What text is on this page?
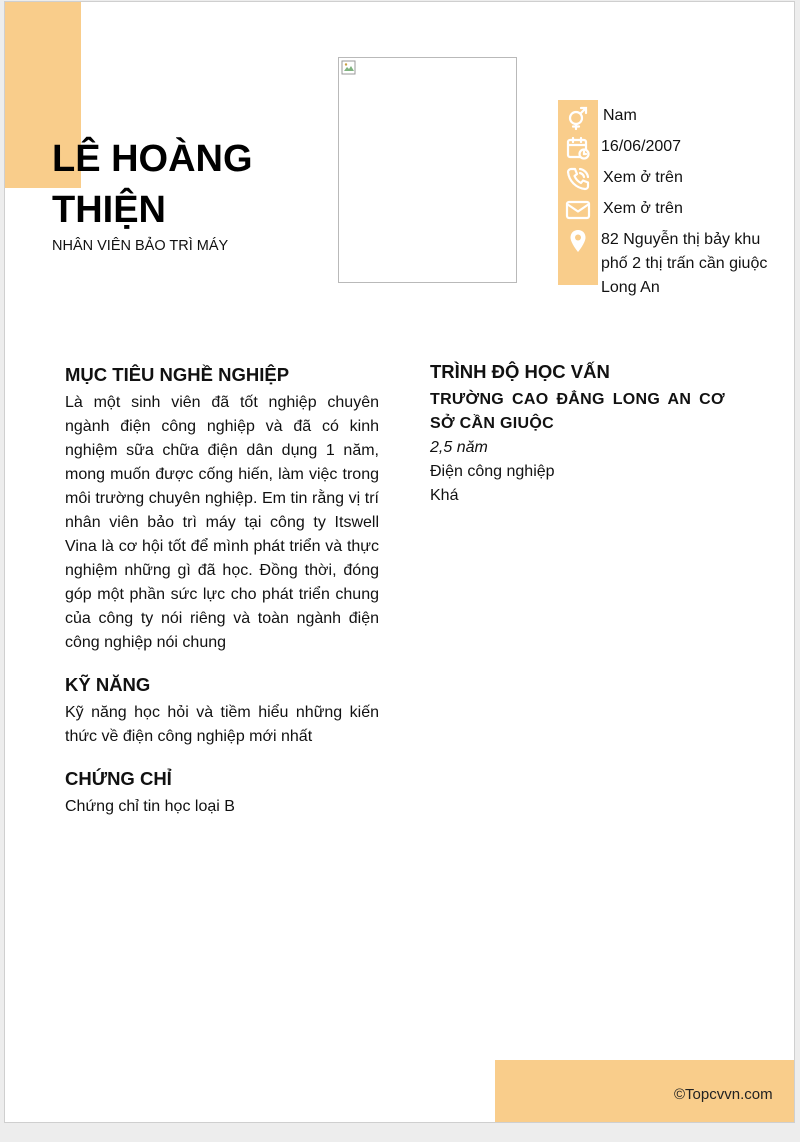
LÊ HOÀNG THIỆN
NHÂN VIÊN BẢO TRÌ MÁY
Nam
16/06/2007
Xem ở trên
Xem ở trên
82 Nguyễn thị bảy khu phố 2 thị trấn cần giuộc Long An
MỤC TIÊU NGHỀ NGHIỆP

Là một sinh viên đã tốt nghiệp chuyên ngành điện công nghiệp và đã có kinh nghiệm sữa chữa điện dân dụng 1 năm, mong muốn được cống hiến, làm việc trong môi trường chuyên nghiệp. Em tin rằng vị trí nhân viên bảo trì máy tại công ty Itswell Vina là cơ hội tốt để mình phát triển và thực nghiệm những gì đã học. Đồng thời, đóng góp một phần sức lực cho phát triển chung của công ty nói riêng và toàn ngành điện công nghiệp nói chung

KỸ NĂNG

Kỹ năng học hỏi và tiềm hiểu những kiến thức về điện công nghiệp mới nhất

CHỨNG CHỈ

Chứng chỉ tin học loại B

TRÌNH ĐỘ HỌC VẤN
TRƯỜNG CAO ĐẲNG LONG AN CƠ SỞ CẦN GIUỘC
2,5 năm
Điện công nghiệp
Khá
©Topcvvn.com
